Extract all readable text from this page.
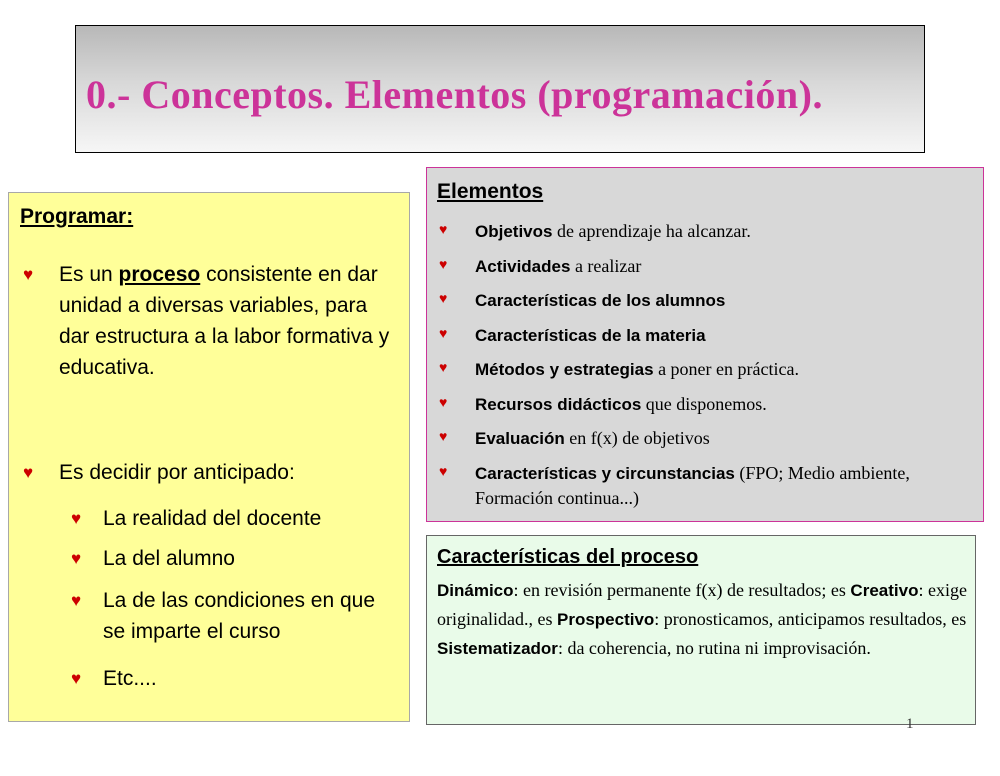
0.- Conceptos. Elementos (programación).
Programar:
♥ Es un proceso consistente en dar unidad a diversas variables, para dar estructura a la labor formativa y educativa.
♥ Es decidir por anticipado:
♥ La realidad del docente
♥ La del alumno
♥ La de las condiciones en que se imparte el curso
♥ Etc....
Elementos
♥ Objetivos de aprendizaje ha alcanzar.
♥ Actividades a realizar
♥ Características de los alumnos
♥ Características de la materia
♥ Métodos y estrategias a poner en práctica.
♥ Recursos didácticos que disponemos.
♥ Evaluación en f(x) de objetivos
♥ Características y circunstancias (FPO; Medio ambiente, Formación continua...)
Características del proceso
Dinámico: en revisión permanente f(x) de resultados; es Creativo: exige originalidad., es Prospectivo: pronosticamos, anticipamos resultados, es Sistematizador: da coherencia, no rutina ni improvisación.
1
